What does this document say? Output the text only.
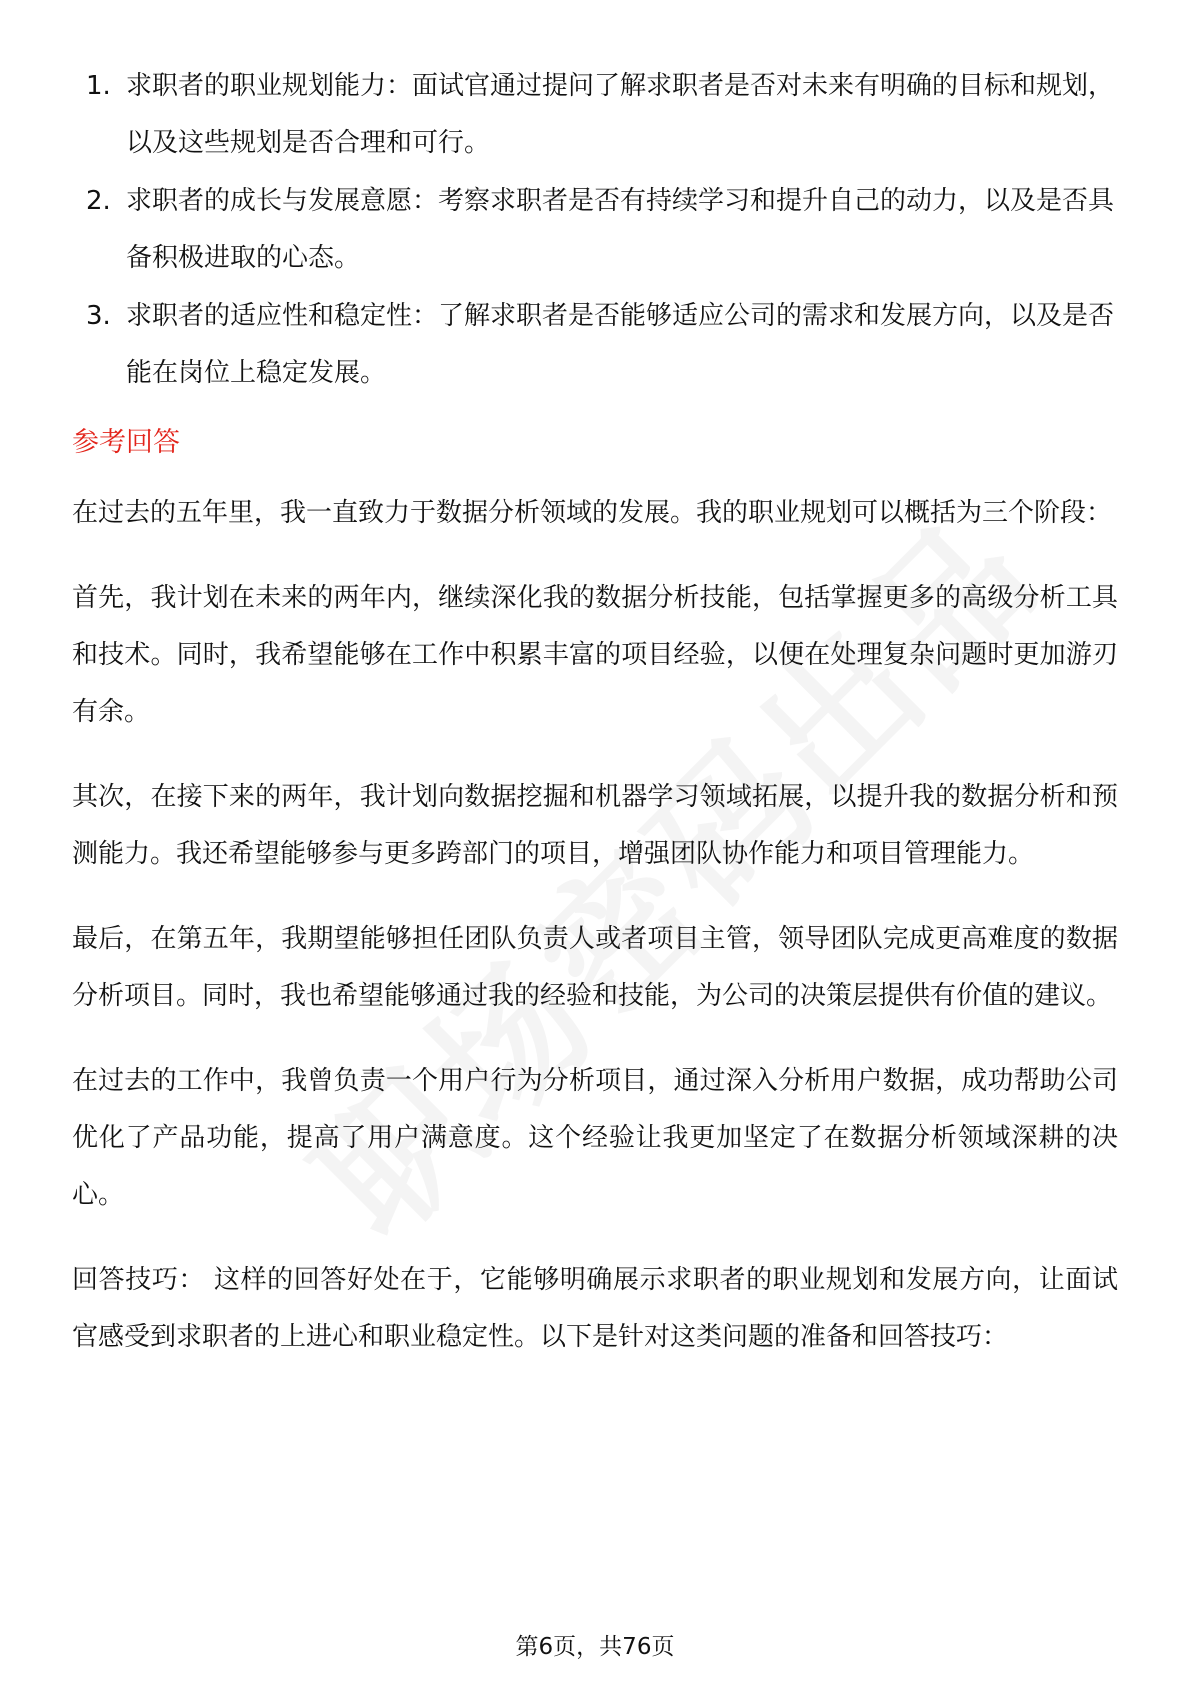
1. 求职者的职业规划能力：面试官通过提问了解求职者是否对未来有明确的目标和规划，以及这些规划是否合理和可行。
2. 求职者的成长与发展意愿：考察求职者是否有持续学习和提升自己的动力，以及是否具备积极进取的心态。
3. 求职者的适应性和稳定性：了解求职者是否能够适应公司的需求和发展方向，以及是否能在岗位上稳定发展。
参考回答

在过去的五年里，我一直致力于数据分析领域的发展。我的职业规划可以概括为三个阶段：

首先，我计划在未来的两年内，继续深化我的数据分析技能，包括掌握更多的高级分析工具和技术。同时，我希望能够在工作中积累丰富的项目经验，以便在处理复杂问题时更加游刃有余。

其次，在接下来的两年，我计划向数据挖掘和机器学习领域拓展，以提升我的数据分析和预测能力。我还希望能够参与更多跨部门的项目，增强团队协作能力和项目管理能力。

最后，在第五年，我期望能够担任团队负责人或者项目主管，领导团队完成更高难度的数据分析项目。同时，我也希望能够通过我的经验和技能，为公司的决策层提供有价值的建议。

在过去的工作中，我曾负责一个用户行为分析项目，通过深入分析用户数据，成功帮助公司优化了产品功能，提高了用户满意度。这个经验让我更加坚定了在数据分析领域深耕的决心。

回答技巧： 这样的回答好处在于，它能够明确展示求职者的职业规划和发展方向，让面试官感受到求职者的上进心和职业稳定性。以下是针对这类问题的准备和回答技巧：

第6页，共76页
